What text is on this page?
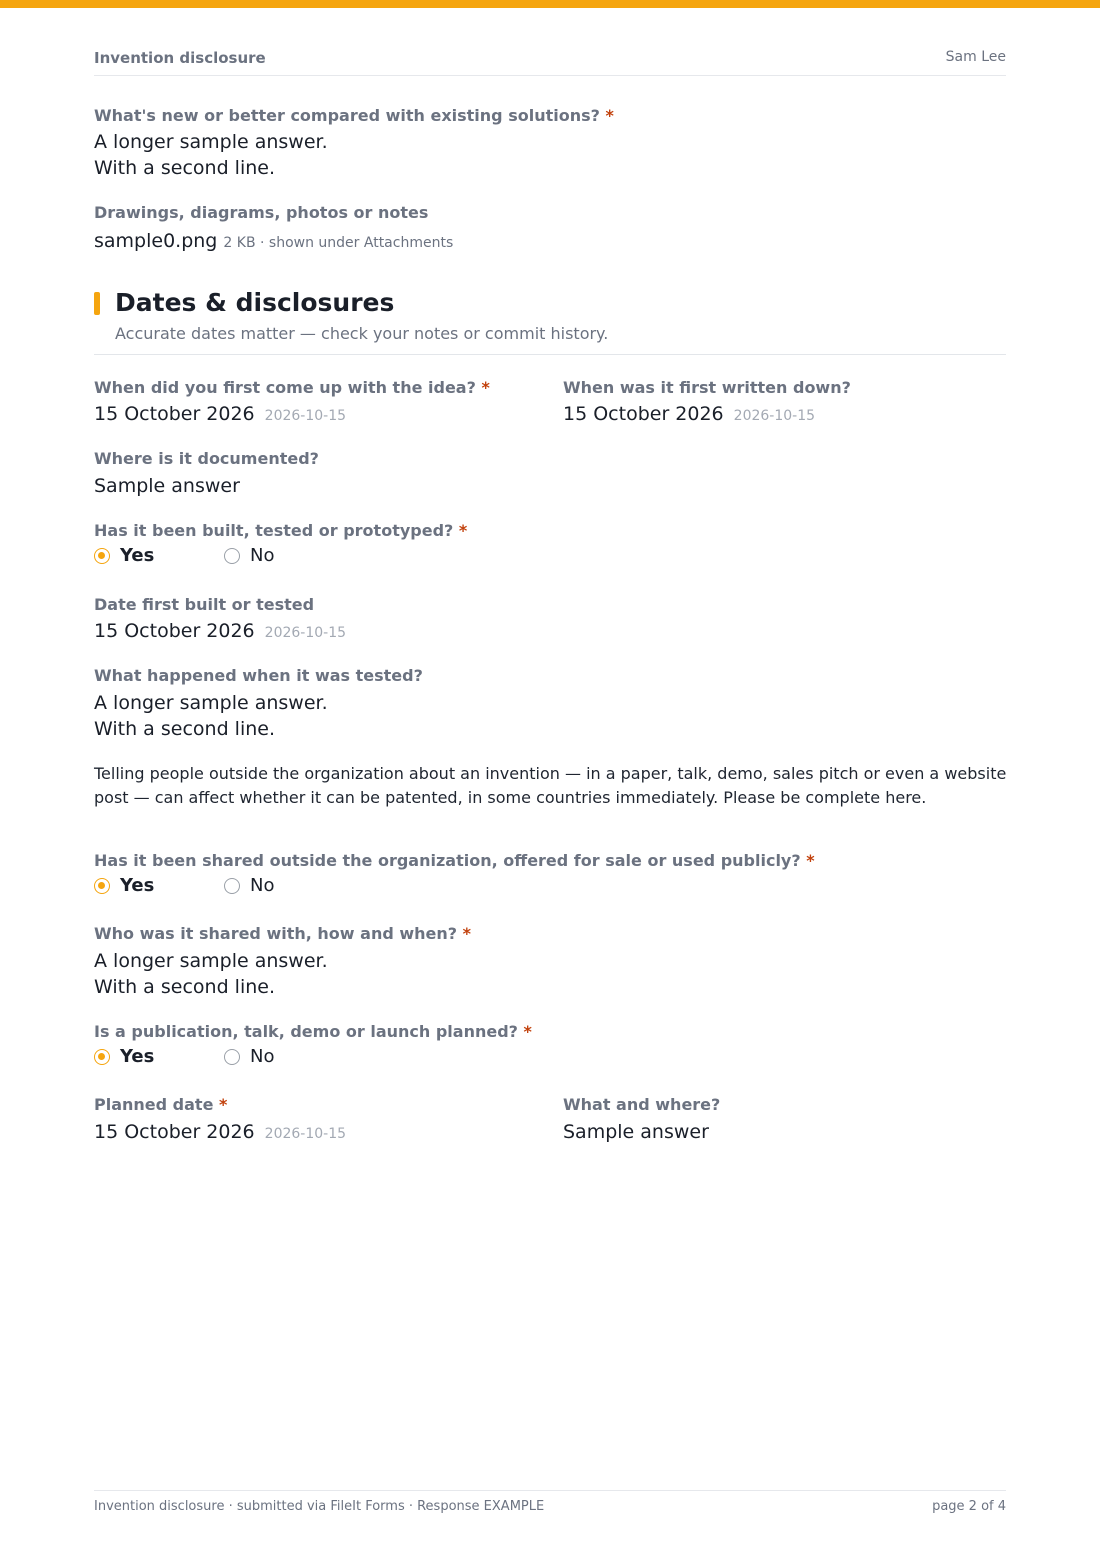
Invention disclosure	Sam Lee
What's new or better compared with existing solutions? *
A longer sample answer.
With a second line.
Drawings, diagrams, photos or notes
sample0.png 2 KB · shown under Attachments
Dates & disclosures
Accurate dates matter — check your notes or commit history.
When did you first come up with the idea? *
15 October 2026 2026-10-15
When was it first written down?
15 October 2026 2026-10-15
Where is it documented?
Sample answer
Has it been built, tested or prototyped? *
Yes	No
Date first built or tested
15 October 2026 2026-10-15
What happened when it was tested?
A longer sample answer.
With a second line.
Telling people outside the organization about an invention — in a paper, talk, demo, sales pitch or even a website post — can affect whether it can be patented, in some countries immediately. Please be complete here.
Has it been shared outside the organization, offered for sale or used publicly? *
Yes	No
Who was it shared with, how and when? *
A longer sample answer.
With a second line.
Is a publication, talk, demo or launch planned? *
Yes	No
Planned date *
15 October 2026 2026-10-15
What and where?
Sample answer
Invention disclosure · submitted via FileIt Forms · Response EXAMPLE	page 2 of 4
